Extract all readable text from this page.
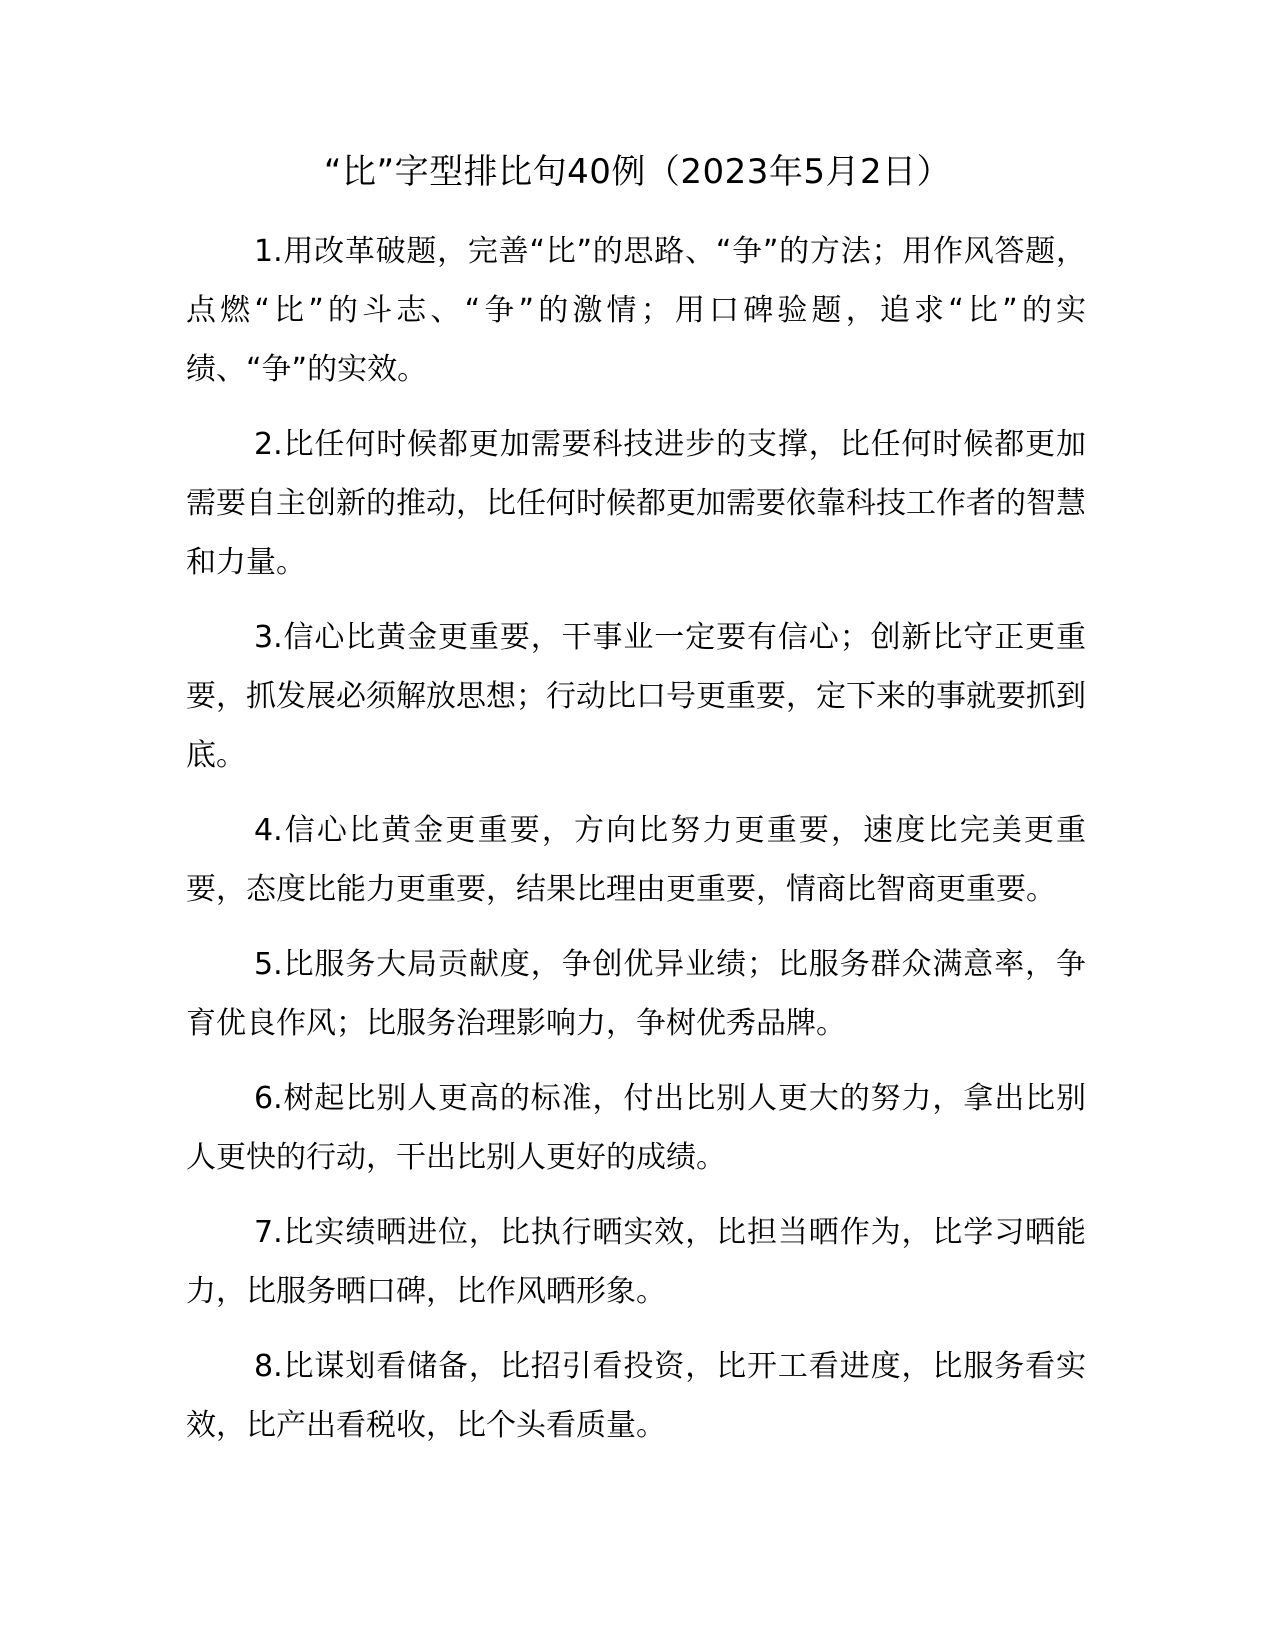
“比”字型排比句40例（2023年5月2日）

1.用改革破题，完善“比”的思路、“争”的方法；用作风答题，点燃“比”的斗志、“争”的激情；用口碑验题，追求“比”的实绩、“争”的实效。

2.比任何时候都更加需要科技进步的支撑，比任何时候都更加需要自主创新的推动，比任何时候都更加需要依靠科技工作者的智慧和力量。

3.信心比黄金更重要，干事业一定要有信心；创新比守正更重要，抓发展必须解放思想；行动比口号更重要，定下来的事就要抓到底。

4.信心比黄金更重要，方向比努力更重要，速度比完美更重要，态度比能力更重要，结果比理由更重要，情商比智商更重要。

5.比服务大局贡献度，争创优异业绩；比服务群众满意率，争育优良作风；比服务治理影响力，争树优秀品牌。

6.树起比别人更高的标准，付出比别人更大的努力，拿出比别人更快的行动，干出比别人更好的成绩。

7.比实绩晒进位，比执行晒实效，比担当晒作为，比学习晒能力，比服务晒口碑，比作风晒形象。

8.比谋划看储备，比招引看投资，比开工看进度，比服务看实效，比产出看税收，比个头看质量。
